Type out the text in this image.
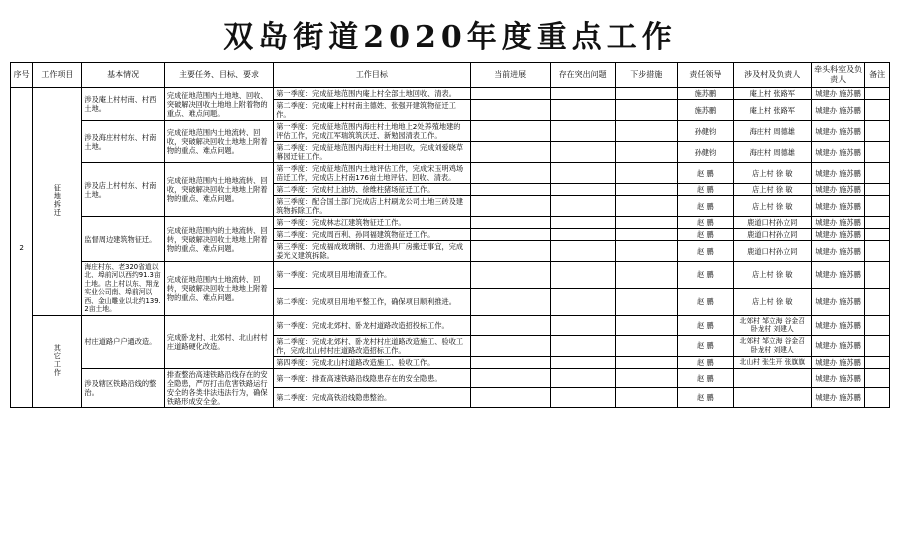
双岛街道2020年度重点工作
序号	工作项目	基本情况	主要任务、目标、要求	工作目标	当前进展	存在突出问题	下步措施	责任领导	涉及村及负责人	牵头科室及负责人	备注
2	征地拆迁	涉及庵上村村南、村西土地。	完成征地范围内土地地、回收、突破解决回收土地地上附着物的重点、难点问题。	第一季度：完成征地范围内庵上村全部土地回收、清表。				施苏鹏	庵上村 张路军	城建办 施苏鹏	
				第二季度：完成庵上村村南主德姓、张强开建筑物征迁工作。				施苏鹏	庵上村 张路军	城建办 施苏鹏	
		涉及海庄村村东、村南土地。	完成征地范围内土地流转、回收，突破解决回收土地地上附着物的重点、难点问题。	第一季度：完成征地范围内海庄村土地地上2处养殖地建的评估工作，完成江军瑞筑筑沃迁、新勉园清表工作。				孙健钧	海庄村 周德雄	城建办 施苏鹏	
				第二季度：完成征地范围内海庄村土地回收，完成刘爱晓草幕园迁征工作。				孙健钧	海庄村 周德雄	城建办 施苏鹏	
		涉及店上村村东、村南土地。	完成征地范围内土地地流转、回收，突破解决回收土地地上附着物的重点、难点问题。	第一季度：完成征地范围内土地评估工作，完成宋玉明鸡场苗迁工作，完成店上村南176亩土地评估、回收、清表。				赵 鹏	店上村 徐 敏	城建办 施苏鹏	
				第二季度：完成村上油坊、徐维柱猪场征迁工作。				赵 鹏	店上村 徐 敏	城建办 施苏鹏	
				第三季度：配合国土部门完成店上村刷龙公司土地三砖及建筑物拆除工作。				赵 鹏	店上村 徐 敏	城建办 施苏鹏	
		监督周边建筑物征迁。	完成征地范围内的土地流转、回转，突破解决回收土地地上附着物的重点、难点问题。	第一季度：完成林志江建筑物征迁工作。				赵 鹏	鹿道口村孙立同	城建办 施苏鹏	
				第二季度：完成周百利、孙同福建筑物征迁工作。				赵 鹏	鹿道口村孙立同	城建办 施苏鹏	
				第三季度：完成福成玻璃钢、力进渔具厂房搬迁事宜，完成姜光义建筑拆除。				赵 鹏	鹿道口村孙立同	城建办 施苏鹏	
		海庄村东、老320省道以北、埠前河以西约91.3亩土地。店上村以东、翔龙实业公司南、埠前河以西、金山雕业以北约139.2亩土地。	完成征地范围内土地流转、回转，突破解决回收土地地上附着物的重点、难点问题。	第一季度：完成项目用地清查工作。				赵 鹏	店上村 徐 敏	城建办 施苏鹏	
				第二季度：完成项目用地平整工作，确保项目顺利推进。				赵 鹏	店上村 徐 敏	城建办 施苏鹏	
	其它工作	村庄道路户户通改造。	完成卧龙村、北郊村、北山村村庄道路硬化改造。	第一季度：完成北郊村、卧龙村道路改造招投标工作。				赵 鹏	北郊村 邹立海 谷金召 卧龙村 刘建人	城建办 施苏鹏	
				第二季度：完成北郊村、卧龙村村庄道路改造施工、验收工作，完成北山村村庄道路改造招标工作。				赵 鹏	北郊村 邹立海 谷金召 卧龙村 刘建人	城建办 施苏鹏	
				第四季度：完成北山村道路改造施工、验收工作。				赵 鹏	北山村 张生开 张旗旗	城建办 施苏鹏	
		涉及辖区铁路沿线的整治。	排查整治高速铁路沿线存在的安全隐患，严厉打击危害铁路运行安全的各类非法违法行为，确保铁路形成安全金。	第一季度：排查高速铁路沿线隐患存在的安全隐患。				赵 鹏		城建办 施苏鹏	
				第二季度：完成高铁沿线隐患整治。				赵 鹏		城建办 施苏鹏	
